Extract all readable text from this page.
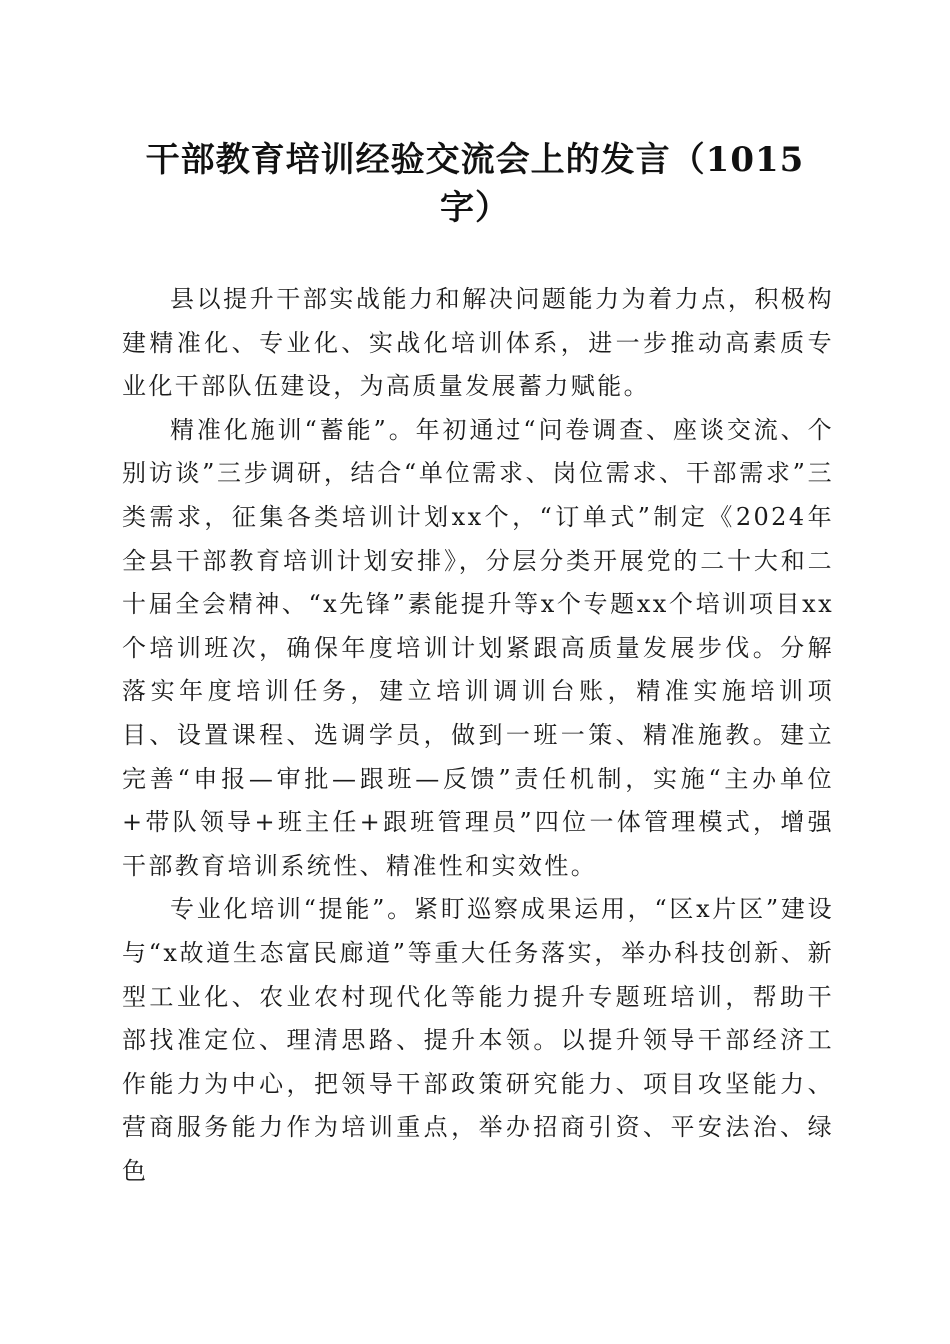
干部教育培训经验交流会上的发言（1015字）

县以提升干部实战能力和解决问题能力为着力点，积极构建精准化、专业化、实战化培训体系，进一步推动高素质专业化干部队伍建设，为高质量发展蓄力赋能。

精准化施训“蓄能”。年初通过“问卷调查、座谈交流、个别访谈”三步调研，结合“单位需求、岗位需求、干部需求”三类需求，征集各类培训计划xx个，“订单式”制定《2024年全县干部教育培训计划安排》，分层分类开展党的二十大和二十届全会精神、“x先锋”素能提升等x个专题xx个培训项目xx个培训班次，确保年度培训计划紧跟高质量发展步伐。分解落实年度培训任务，建立培训调训台账，精准实施培训项目、设置课程、选调学员，做到一班一策、精准施教。建立完善“申报—审批—跟班—反馈”责任机制，实施“主办单位+带队领导+班主任+跟班管理员”四位一体管理模式，增强干部教育培训系统性、精准性和实效性。

专业化培训“提能”。紧盯巡察成果运用，“区x片区”建设与“x故道生态富民廊道”等重大任务落实，举办科技创新、新型工业化、农业农村现代化等能力提升专题班培训，帮助干部找准定位、理清思路、提升本领。以提升领导干部经济工作能力为中心，把领导干部政策研究能力、项目攻坚能力、营商服务能力作为培训重点，举办招商引资、平安法治、绿色
